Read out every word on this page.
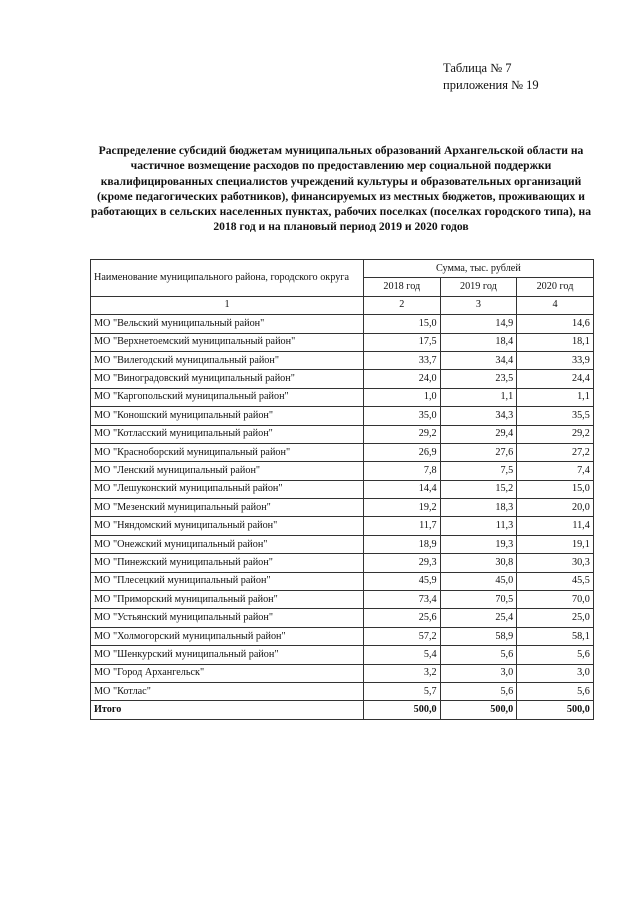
Таблица № 7
приложения № 19
Распределение субсидий бюджетам муниципальных образований Архангельской области на частичное возмещение расходов по предоставлению мер социальной поддержки квалифицированных специалистов учреждений культуры и образовательных организаций (кроме педагогических работников), финансируемых из местных бюджетов, проживающих и работающих в сельских населенных пунктах, рабочих поселках (поселках городского типа), на 2018 год и на плановый период 2019 и 2020 годов
Наименование муниципального района, городского округа	Сумма, тыс. рублей		
	2018 год	2019 год	2020 год
1	2	3	4
МО "Вельский муниципальный район"	15,0	14,9	14,6
МО "Верхнетоемский муниципальный район"	17,5	18,4	18,1
МО "Вилегодский муниципальный район"	33,7	34,4	33,9
МО "Виноградовский муниципальный район"	24,0	23,5	24,4
МО "Каргопольский муниципальный район"	1,0	1,1	1,1
МО "Коношский муниципальный район"	35,0	34,3	35,5
МО "Котласский муниципальный район"	29,2	29,4	29,2
МО "Красноборский муниципальный район"	26,9	27,6	27,2
МО "Ленский муниципальный район"	7,8	7,5	7,4
МО "Лешуконский муниципальный район"	14,4	15,2	15,0
МО "Мезенский муниципальный район"	19,2	18,3	20,0
МО "Няндомский муниципальный район"	11,7	11,3	11,4
МО "Онежский муниципальный район"	18,9	19,3	19,1
МО "Пинежский муниципальный район"	29,3	30,8	30,3
МО "Плесецкий муниципальный район"	45,9	45,0	45,5
МО "Приморский муниципальный район"	73,4	70,5	70,0
МО "Устьянский муниципальный район"	25,6	25,4	25,0
МО "Холмогорский муниципальный район"	57,2	58,9	58,1
МО "Шенкурский муниципальный район"	5,4	5,6	5,6
МО "Город Архангельск"	3,2	3,0	3,0
МО "Котлас"	5,7	5,6	5,6
Итого	500,0	500,0	500,0
